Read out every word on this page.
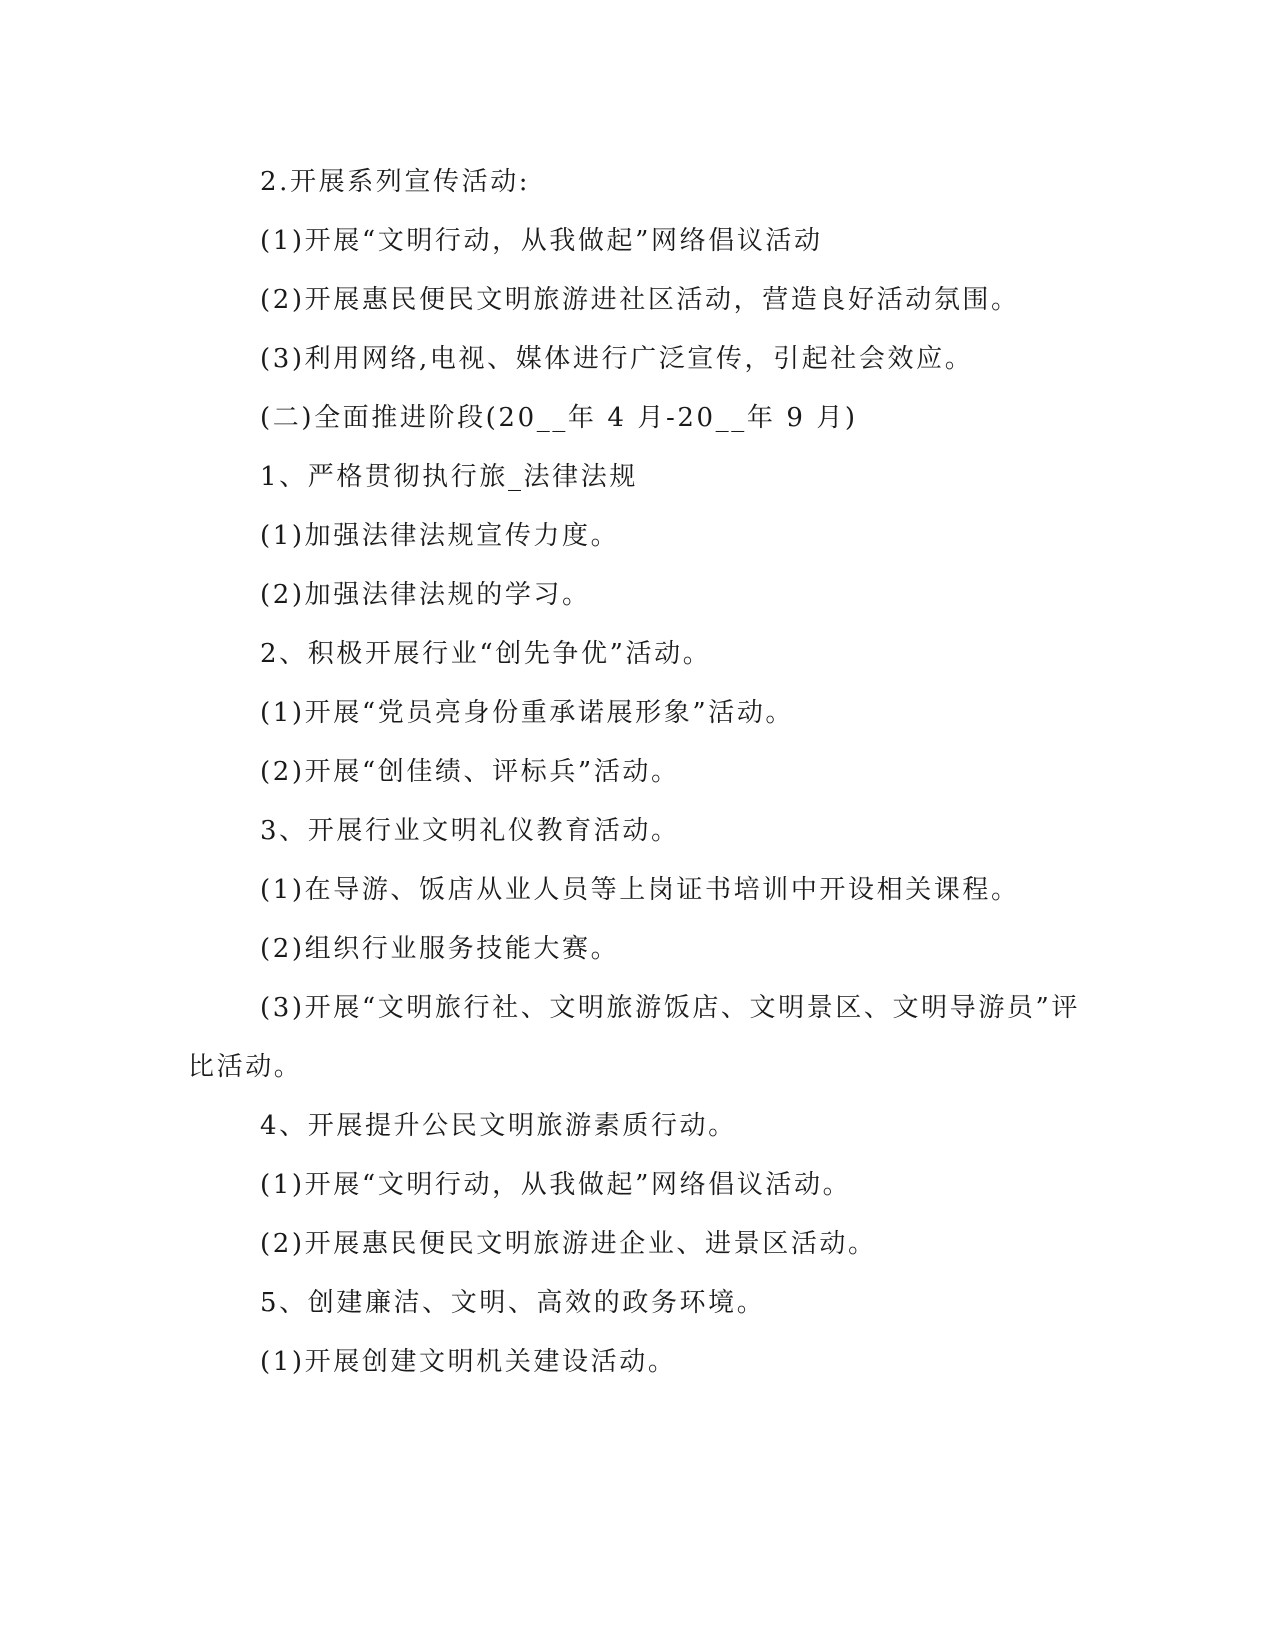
2.开展系列宣传活动:

(1)开展“文明行动，从我做起”网络倡议活动

(2)开展惠民便民文明旅游进社区活动，营造良好活动氛围。

(3)利用网络,电视、媒体进行广泛宣传，引起社会效应。

(二)全面推进阶段(20__年 4 月-20__年 9 月)

1、严格贯彻执行旅_法律法规

(1)加强法律法规宣传力度。

(2)加强法律法规的学习。

2、积极开展行业“创先争优”活动。

(1)开展“党员亮身份重承诺展形象”活动。

(2)开展“创佳绩、评标兵”活动。

3、开展行业文明礼仪教育活动。

(1)在导游、饭店从业人员等上岗证书培训中开设相关课程。

(2)组织行业服务技能大赛。

(3)开展“文明旅行社、文明旅游饭店、文明景区、文明导游员”评

比活动。

4、开展提升公民文明旅游素质行动。

(1)开展“文明行动，从我做起”网络倡议活动。

(2)开展惠民便民文明旅游进企业、进景区活动。

5、创建廉洁、文明、高效的政务环境。

(1)开展创建文明机关建设活动。
